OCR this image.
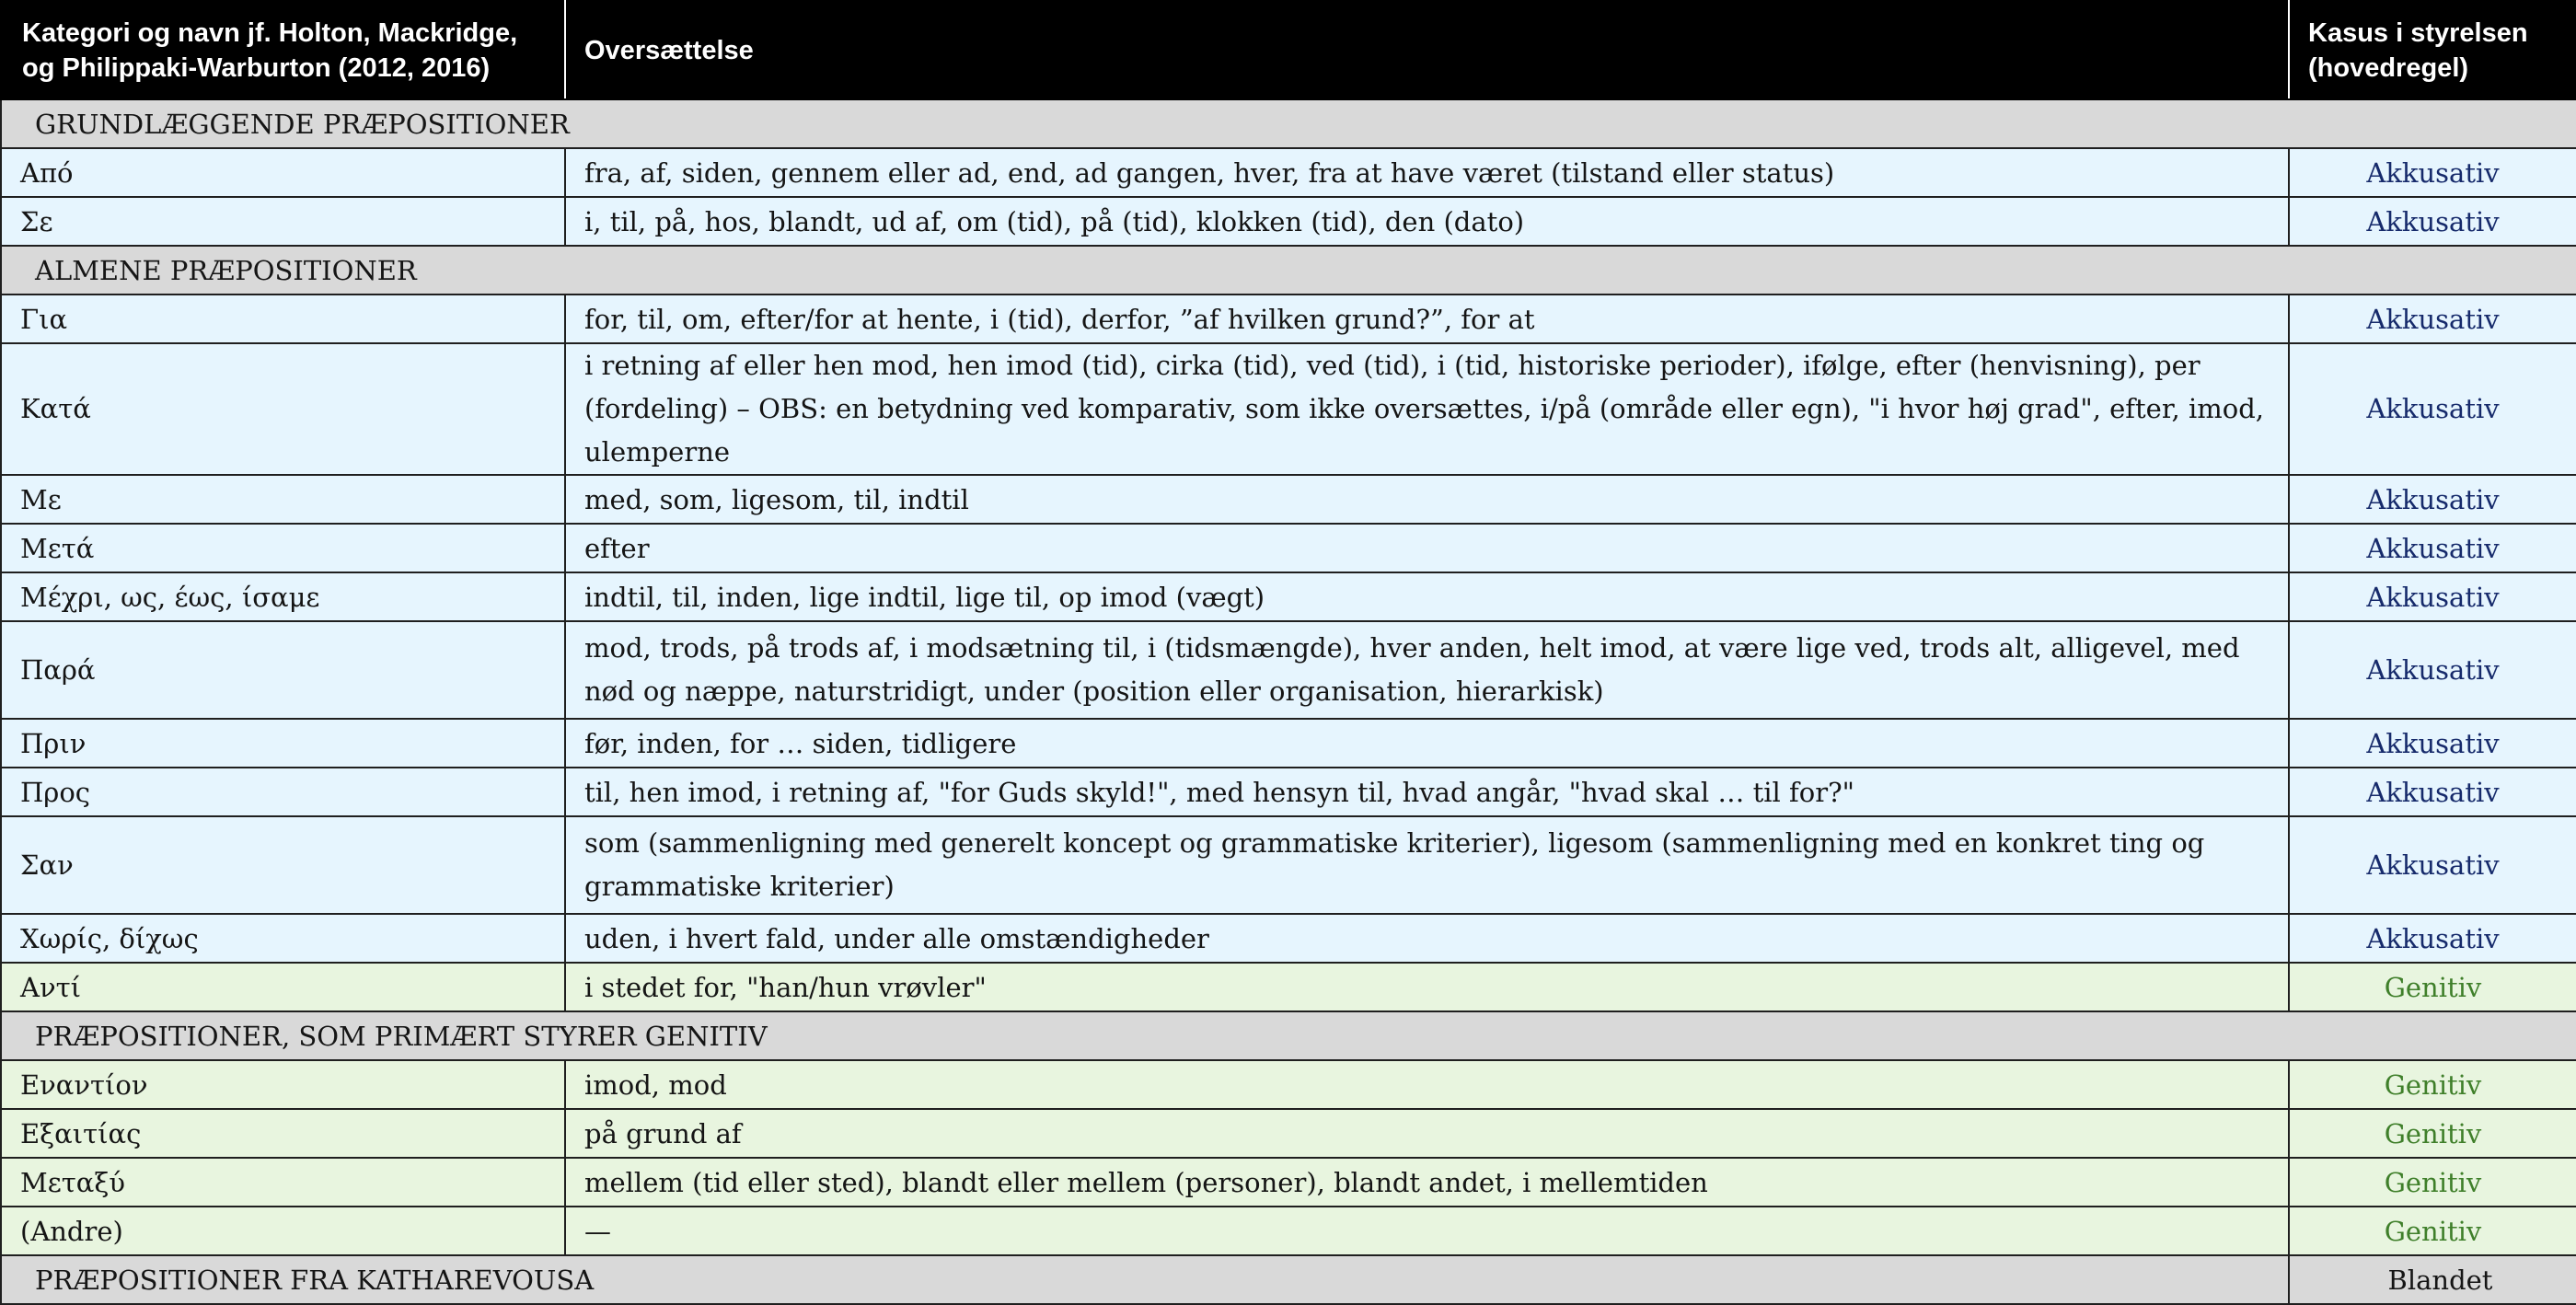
Kategori og navn jf. Holton, Mackridge, og Philippaki-Warburton (2012, 2016)	Oversættelse	Kasus i styrelsen (hovedregel)
GRUNDLÆGGENDE PRÆPOSITIONER		
Από	fra, af, siden, gennem eller ad, end, ad gangen, hver, fra at have været (tilstand eller status)	Akkusativ
Σε	i, til, på, hos, blandt, ud af, om (tid), på (tid), klokken (tid), den (dato)	Akkusativ
ALMENE PRÆPOSITIONER		
Για	for, til, om, efter/for at hente, i (tid), derfor, ”af hvilken grund?”, for at	Akkusativ
Κατά	i retning af eller hen mod, hen imod (tid), cirka (tid), ved (tid), i (tid, historiske perioder), ifølge, efter (henvisning), per (fordeling) – OBS: en betydning ved komparativ, som ikke oversættes, i/på (område eller egn), "i hvor høj grad", efter, imod, ulemperne	Akkusativ
Με	med, som, ligesom, til, indtil	Akkusativ
Μετά	efter	Akkusativ
Μέχρι, ως, έως, ίσαμε	indtil, til, inden, lige indtil, lige til, op imod (vægt)	Akkusativ
Παρά	mod, trods, på trods af, i modsætning til, i (tidsmængde), hver anden, helt imod, at være lige ved, trods alt, alligevel, med nød og næppe, naturstridigt, under (position eller organisation, hierarkisk)	Akkusativ
Πριν	før, inden, for … siden, tidligere	Akkusativ
Προς	til, hen imod, i retning af, "for Guds skyld!", med hensyn til, hvad angår, "hvad skal … til for?"	Akkusativ
Σαν	som (sammenligning med generelt koncept og grammatiske kriterier), ligesom (sammenligning med en konkret ting og grammatiske kriterier)	Akkusativ
Χωρίς, δίχως	uden, i hvert fald, under alle omstændigheder	Akkusativ
Αντί	i stedet for, "han/hun vrøvler"	Genitiv
PRÆPOSITIONER, SOM PRIMÆRT STYRER GENITIV		
Εναντίον	imod, mod	Genitiv
Εξαιτίας	på grund af	Genitiv
Μεταξύ	mellem (tid eller sted), blandt eller mellem (personer), blandt andet, i mellemtiden	Genitiv
(Andre)	—	Genitiv
PRÆPOSITIONER FRA KATHAREVOUSA		Blandet
